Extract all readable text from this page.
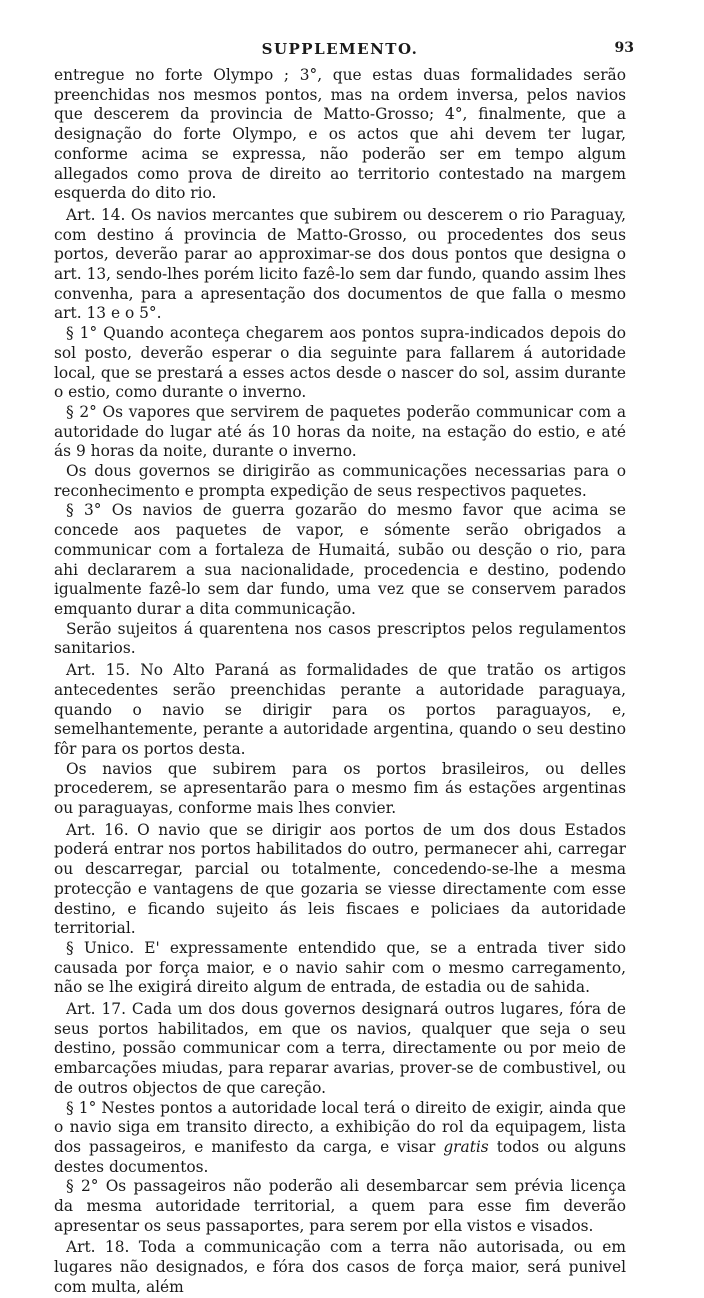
SUPPLEMENTO.	93

entregue no forte Olympo ; 3°, que estas duas formalidades serão preenchidas nos mesmos pontos, mas na ordem inversa, pelos navios que descerem da provincia de Matto-Grosso; 4°, finalmente, que a designação do forte Olympo, e os actos que ahi devem ter lugar, conforme acima se expressa, não poderão ser em tempo algum allegados como prova de direito ao territorio contestado na margem esquerda do dito rio.

Art. 14. Os navios mercantes que subirem ou descerem o rio Paraguay, com destino á provincia de Matto-Grosso, ou procedentes dos seus portos, deverão parar ao approximar-se dos dous pontos que designa o art. 13, sendo-lhes porém licito fazê-lo sem dar fundo, quando assim lhes convenha, para a apresentação dos documentos de que falla o mesmo art. 13 e o 5°.

§ 1° Quando aconteça chegarem aos pontos supra-indicados depois do sol posto, deverão esperar o dia seguinte para fallarem á autoridade local, que se prestará a esses actos desde o nascer do sol, assim durante o estio, como durante o inverno.

§ 2° Os vapores que servirem de paquetes poderão communicar com a autoridade do lugar até ás 10 horas da noite, na estação do estio, e até ás 9 horas da noite, durante o inverno.

Os dous governos se dirigirão as communicações necessarias para o reconhecimento e prompta expedição de seus respectivos paquetes.

§ 3° Os navios de guerra gozarão do mesmo favor que acima se concede aos paquetes de vapor, e sómente serão obrigados a communicar com a fortaleza de Humaitá, subão ou desção o rio, para ahi declararem a sua nacionalidade, procedencia e destino, podendo igualmente fazê-lo sem dar fundo, uma vez que se conservem parados emquanto durar a dita communicação.

Serão sujeitos á quarentena nos casos prescriptos pelos regulamentos sanitarios.

Art. 15. No Alto Paraná as formalidades de que tratão os artigos antecedentes serão preenchidas perante a autoridade paraguaya, quando o navio se dirigir para os portos paraguayos, e, semelhantemente, perante a autoridade argentina, quando o seu destino fôr para os portos desta.

Os navios que subirem para os portos brasileiros, ou delles procederem, se apresentarão para o mesmo fim ás estações argentinas ou paraguayas, conforme mais lhes convier.

Art. 16. O navio que se dirigir aos portos de um dos dous Estados poderá entrar nos portos habilitados do outro, permanecer ahi, carregar ou descarregar, parcial ou totalmente, concedendo-se-lhe a mesma protecção e vantagens de que gozaria se viesse directamente com esse destino, e ficando sujeito ás leis fiscaes e policiaes da autoridade territorial.

§ Unico. E' expressamente entendido que, se a entrada tiver sido causada por força maior, e o navio sahir com o mesmo carregamento, não se lhe exigirá direito algum de entrada, de estadia ou de sahida.

Art. 17. Cada um dos dous governos designará outros lugares, fóra de seus portos habilitados, em que os navios, qualquer que seja o seu destino, possão communicar com a terra, directamente ou por meio de embarcações miudas, para reparar avarias, prover-se de combustivel, ou de outros objectos de que careção.

§ 1° Nestes pontos a autoridade local terá o direito de exigir, ainda que o navio siga em transito directo, a exhibição do rol da equipagem, lista dos passageiros, e manifesto da carga, e visar gratis todos ou alguns destes documentos.

§ 2° Os passageiros não poderão ali desembarcar sem prévia licença da mesma autoridade territorial, a quem para esse fim deverão apresentar os seus passaportes, para serem por ella vistos e visados.

Art. 18. Toda a communicação com a terra não autorisada, ou em lugares não designados, e fóra dos casos de força maior, será punivel com multa, além
